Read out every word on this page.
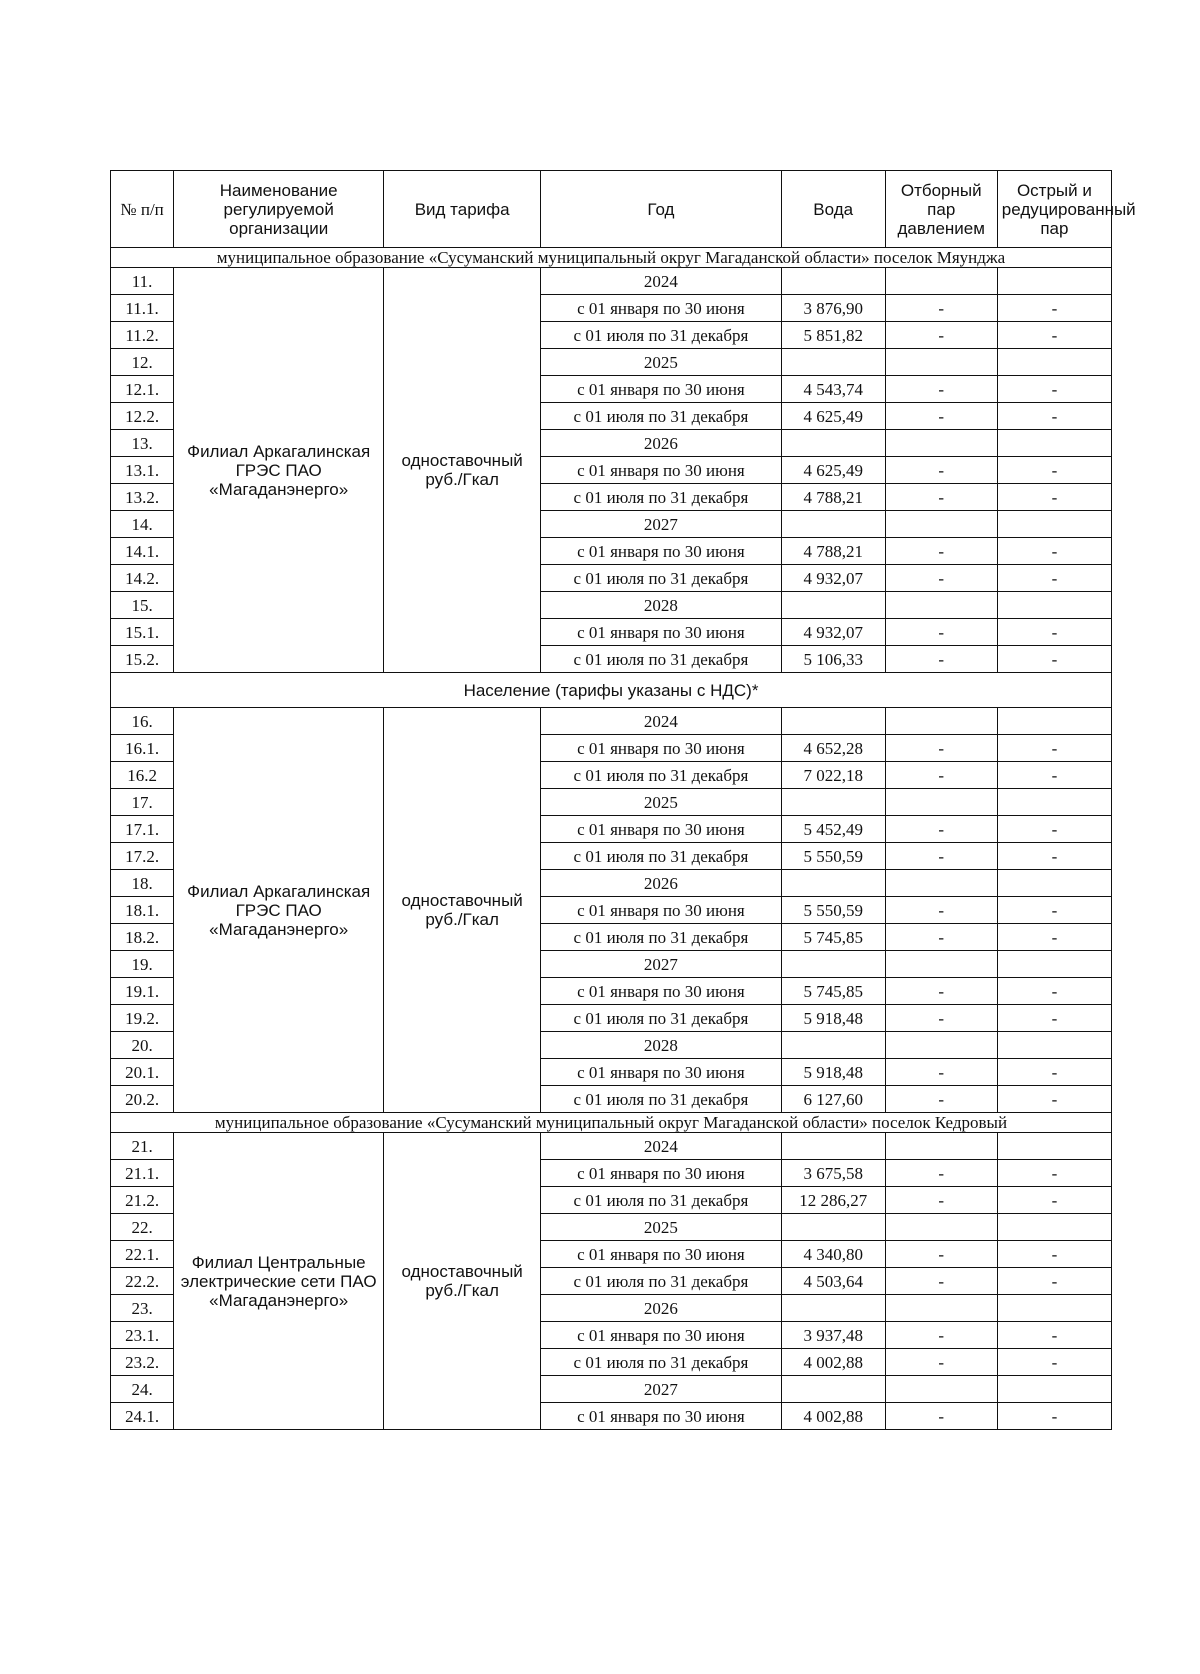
№ п/п	Наименование регулируемой организации	Вид тарифа	Год	Вода	Отборный пар давлением	Острый и редуцированный пар
муниципальное образование «Сусуманский муниципальный округ Магаданской области» поселок Мяунджа						
11.	Филиал Аркагалинская ГРЭС ПАО «Магаданэнерго»	одноставочный руб./Гкал	2024			
11.1.			с 01 января по 30 июня	3 876,90	-	-
11.2.			с 01 июля по 31 декабря	5 851,82	-	-
12.			2025			
12.1.			с 01 января по 30 июня	4 543,74	-	-
12.2.			с 01 июля по 31 декабря	4 625,49	-	-
13.			2026			
13.1.			с 01 января по 30 июня	4 625,49	-	-
13.2.			с 01 июля по 31 декабря	4 788,21	-	-
14.			2027			
14.1.			с 01 января по 30 июня	4 788,21	-	-
14.2.			с 01 июля по 31 декабря	4 932,07	-	-
15.			2028			
15.1.			с 01 января по 30 июня	4 932,07	-	-
15.2.			с 01 июля по 31 декабря	5 106,33	-	-
Население (тарифы указаны с НДС)*						
16.	Филиал Аркагалинская ГРЭС ПАО «Магаданэнерго»	одноставочный руб./Гкал	2024			
16.1.			с 01 января по 30 июня	4 652,28	-	-
16.2			с 01 июля по 31 декабря	7 022,18	-	-
17.			2025			
17.1.			с 01 января по 30 июня	5 452,49	-	-
17.2.			с 01 июля по 31 декабря	5 550,59	-	-
18.			2026			
18.1.			с 01 января по 30 июня	5 550,59	-	-
18.2.			с 01 июля по 31 декабря	5 745,85	-	-
19.			2027			
19.1.			с 01 января по 30 июня	5 745,85	-	-
19.2.			с 01 июля по 31 декабря	5 918,48	-	-
20.			2028			
20.1.			с 01 января по 30 июня	5 918,48	-	-
20.2.			с 01 июля по 31 декабря	6 127,60	-	-
муниципальное образование «Сусуманский муниципальный округ Магаданской области» поселок Кедровый						
21.	Филиал Центральные электрические сети ПАО «Магаданэнерго»	одноставочный руб./Гкал	2024			
21.1.			с 01 января по 30 июня	3 675,58	-	-
21.2.			с 01 июля по 31 декабря	12 286,27	-	-
22.			2025			
22.1.			с 01 января по 30 июня	4 340,80	-	-
22.2.			с 01 июля по 31 декабря	4 503,64	-	-
23.			2026			
23.1.			с 01 января по 30 июня	3 937,48	-	-
23.2.			с 01 июля по 31 декабря	4 002,88	-	-
24.			2027			
24.1.			с 01 января по 30 июня	4 002,88	-	-
